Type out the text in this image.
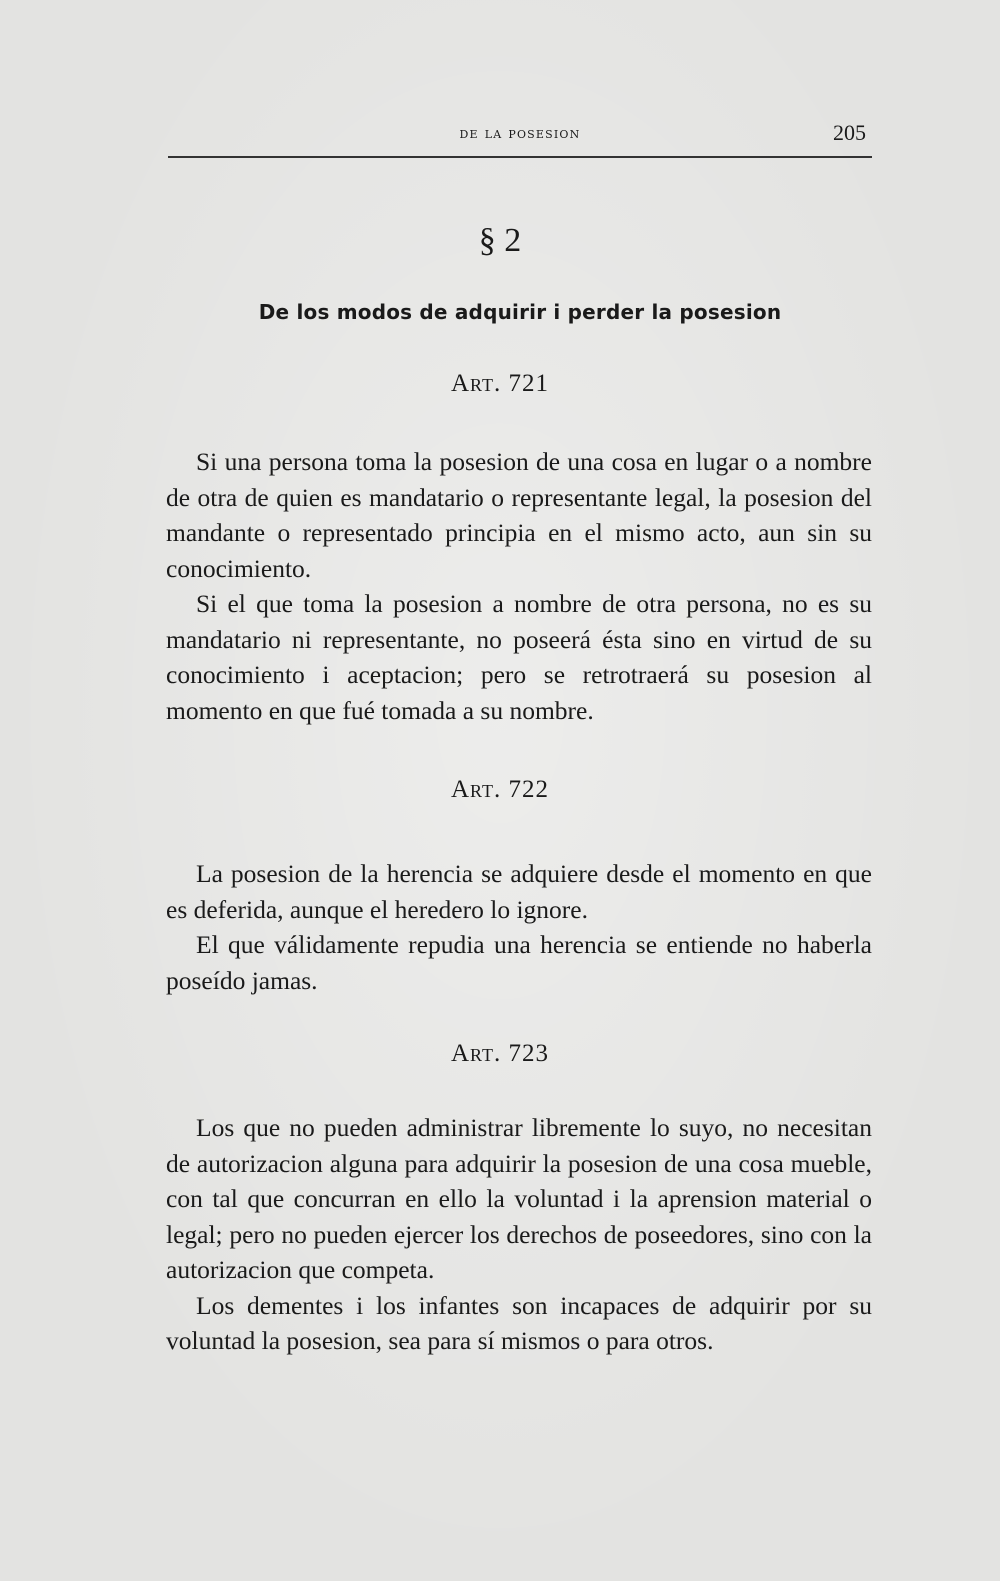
de la posesion	205
§ 2
De los modos de adquirir i perder la posesion
Art. 721

Si una persona toma la posesion de una cosa en lugar o a nombre de otra de quien es mandatario o representante legal, la posesion del mandante o representado principia en el mismo acto, aun sin su conocimiento.

Si el que toma la posesion a nombre de otra persona, no es su mandatario ni representante, no poseerá ésta sino en virtud de su conocimiento i aceptacion; pero se retrotraerá su posesion al momento en que fué tomada a su nombre.

Art. 722

La posesion de la herencia se adquiere desde el momento en que es deferida, aunque el heredero lo ignore.

El que válidamente repudia una herencia se entiende no haberla poseído jamas.

Art. 723

Los que no pueden administrar libremente lo suyo, no necesitan de autorizacion alguna para adquirir la posesion de una cosa mueble, con tal que concurran en ello la voluntad i la aprension material o legal; pero no pueden ejercer los derechos de poseedores, sino con la autorizacion que competa.

Los dementes i los infantes son incapaces de adquirir por su voluntad la posesion, sea para sí mismos o para otros.
